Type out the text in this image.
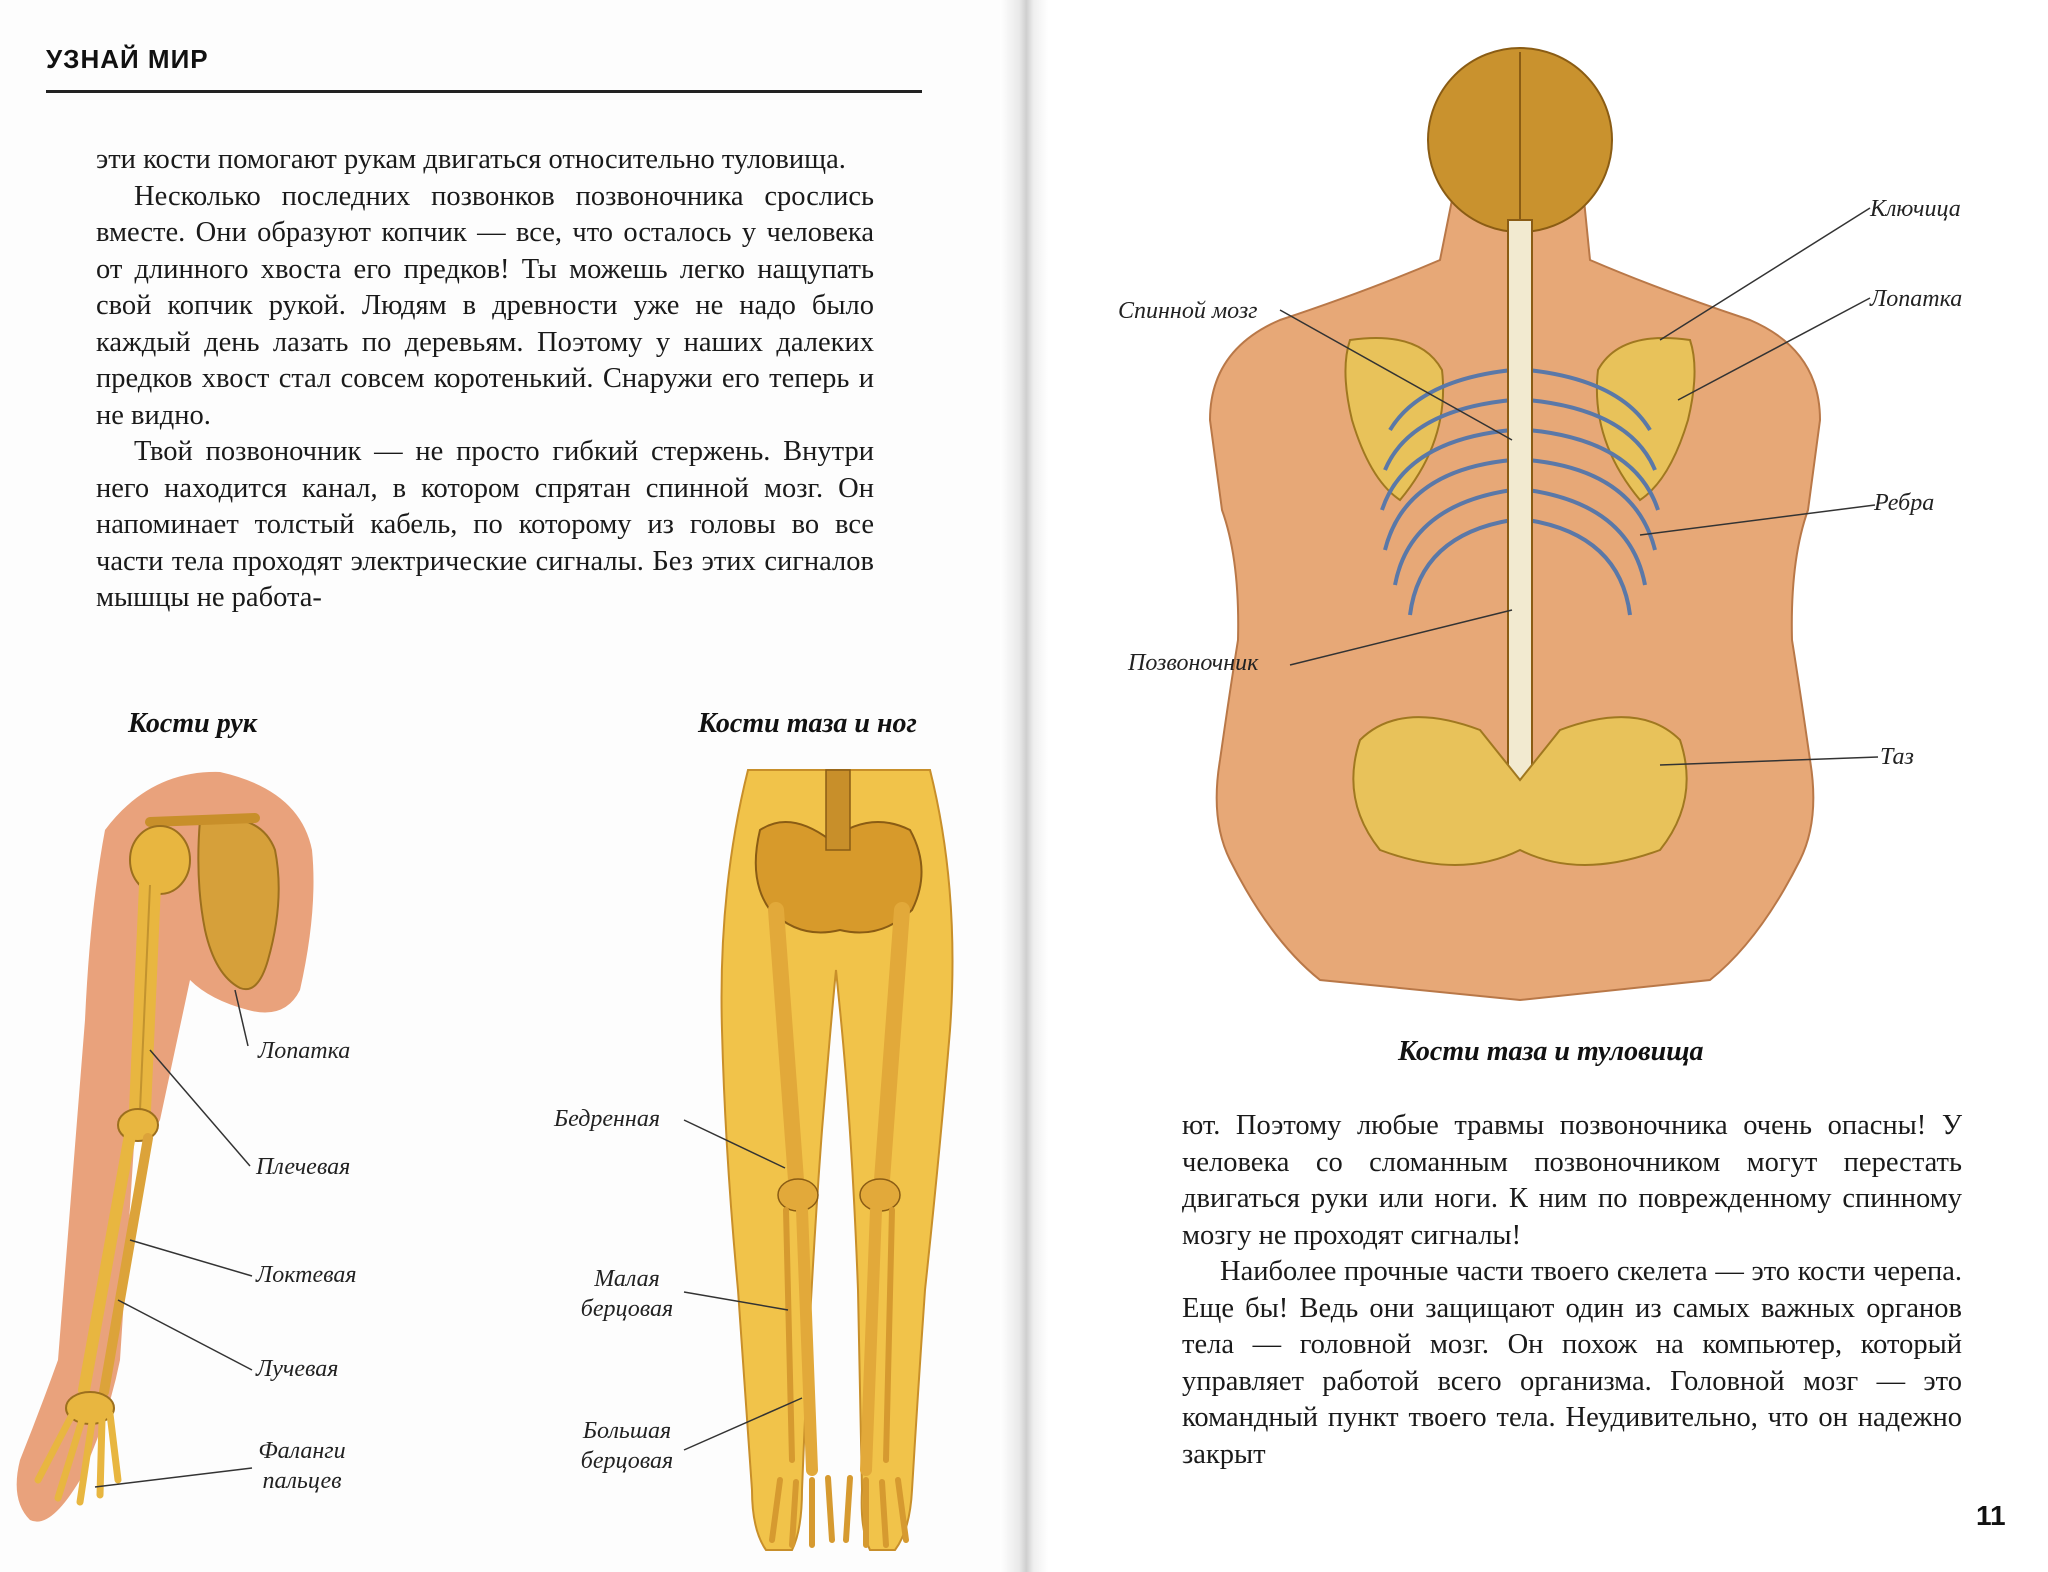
УЗНАЙ МИР

эти кости помогают рукам двигаться относительно туловища.

Несколько последних позвонков позвоночника срослись вместе. Они образуют копчик — все, что осталось у человека от длинного хвоста его предков! Ты можешь легко нащупать свой копчик рукой. Людям в древности уже не надо было каждый день лазать по деревьям. Поэтому у наших далеких предков хвост стал совсем коротенький. Снаружи его теперь и не видно.

Твой позвоночник — не просто гибкий стержень. Внутри него находится канал, в котором спрятан спинной мозг. Он напоминает толстый кабель, по которому из головы во все части тела проходят электрические сигналы. Без этих сигналов мышцы не работа-

Кости рук
Лопатка
Плечевая
Локтевая
Лучевая
Фаланги пальцев
Кости таза и ног
Бедренная
Малая берцовая
Большая берцовая
Ключица
Лопатка
Спинной мозг
Ребра
Позвоночник
Таз
Кости таза и туловища

ют. Поэтому любые травмы позвоночника очень опасны! У человека со сломанным позвоночником могут перестать двигаться руки или ноги. К ним по поврежденному спинному мозгу не проходят сигналы!

Наиболее прочные части твоего скелета — это кости черепа. Еще бы! Ведь они защищают один из самых важных органов тела — головной мозг. Он похож на компьютер, который управляет работой всего организма. Головной мозг — это командный пункт твоего тела. Неудивительно, что он надежно закрыт

11
